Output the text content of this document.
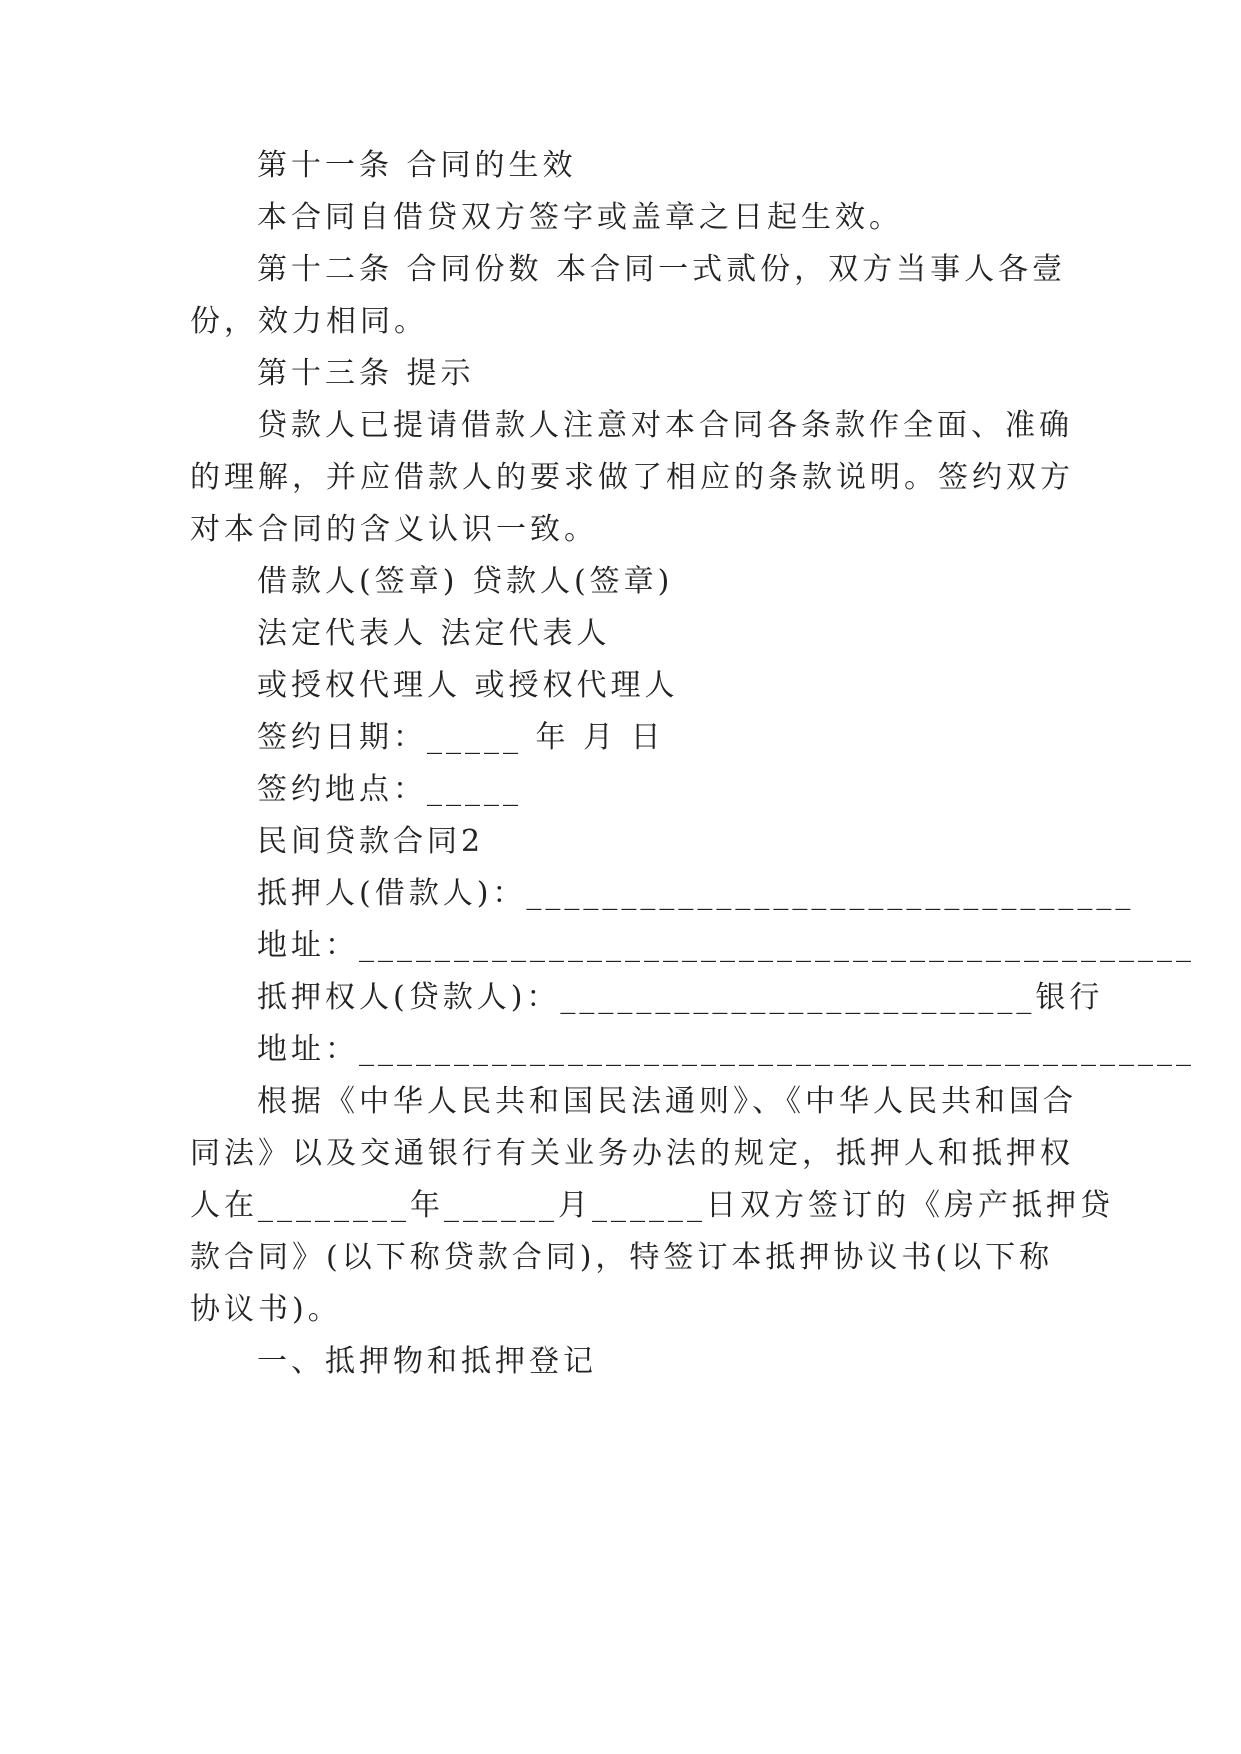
第十一条 合同的生效
本合同自借贷双方签字或盖章之日起生效。
第十二条 合同份数 本合同一式贰份，双方当事人各壹
份，效力相同。
第十三条 提示
贷款人已提请借款人注意对本合同各条款作全面、准确
的理解，并应借款人的要求做了相应的条款说明。签约双方
对本合同的含义认识一致。
借款人(签章) 贷款人(签章)
法定代表人 法定代表人
或授权代理人 或授权代理人
签约日期：_____ 年 月 日
签约地点：_____
民间贷款合同2
抵押人(借款人)：________________________________
地址：____________________________________________
抵押权人(贷款人)：_________________________银行
地址：____________________________________________
根据《中华人民共和国民法通则》、《中华人民共和国合
同法》以及交通银行有关业务办法的规定，抵押人和抵押权
人在________年______月______日双方签订的《房产抵押贷
款合同》(以下称贷款合同)，特签订本抵押协议书(以下称
协议书)。
一、抵押物和抵押登记
